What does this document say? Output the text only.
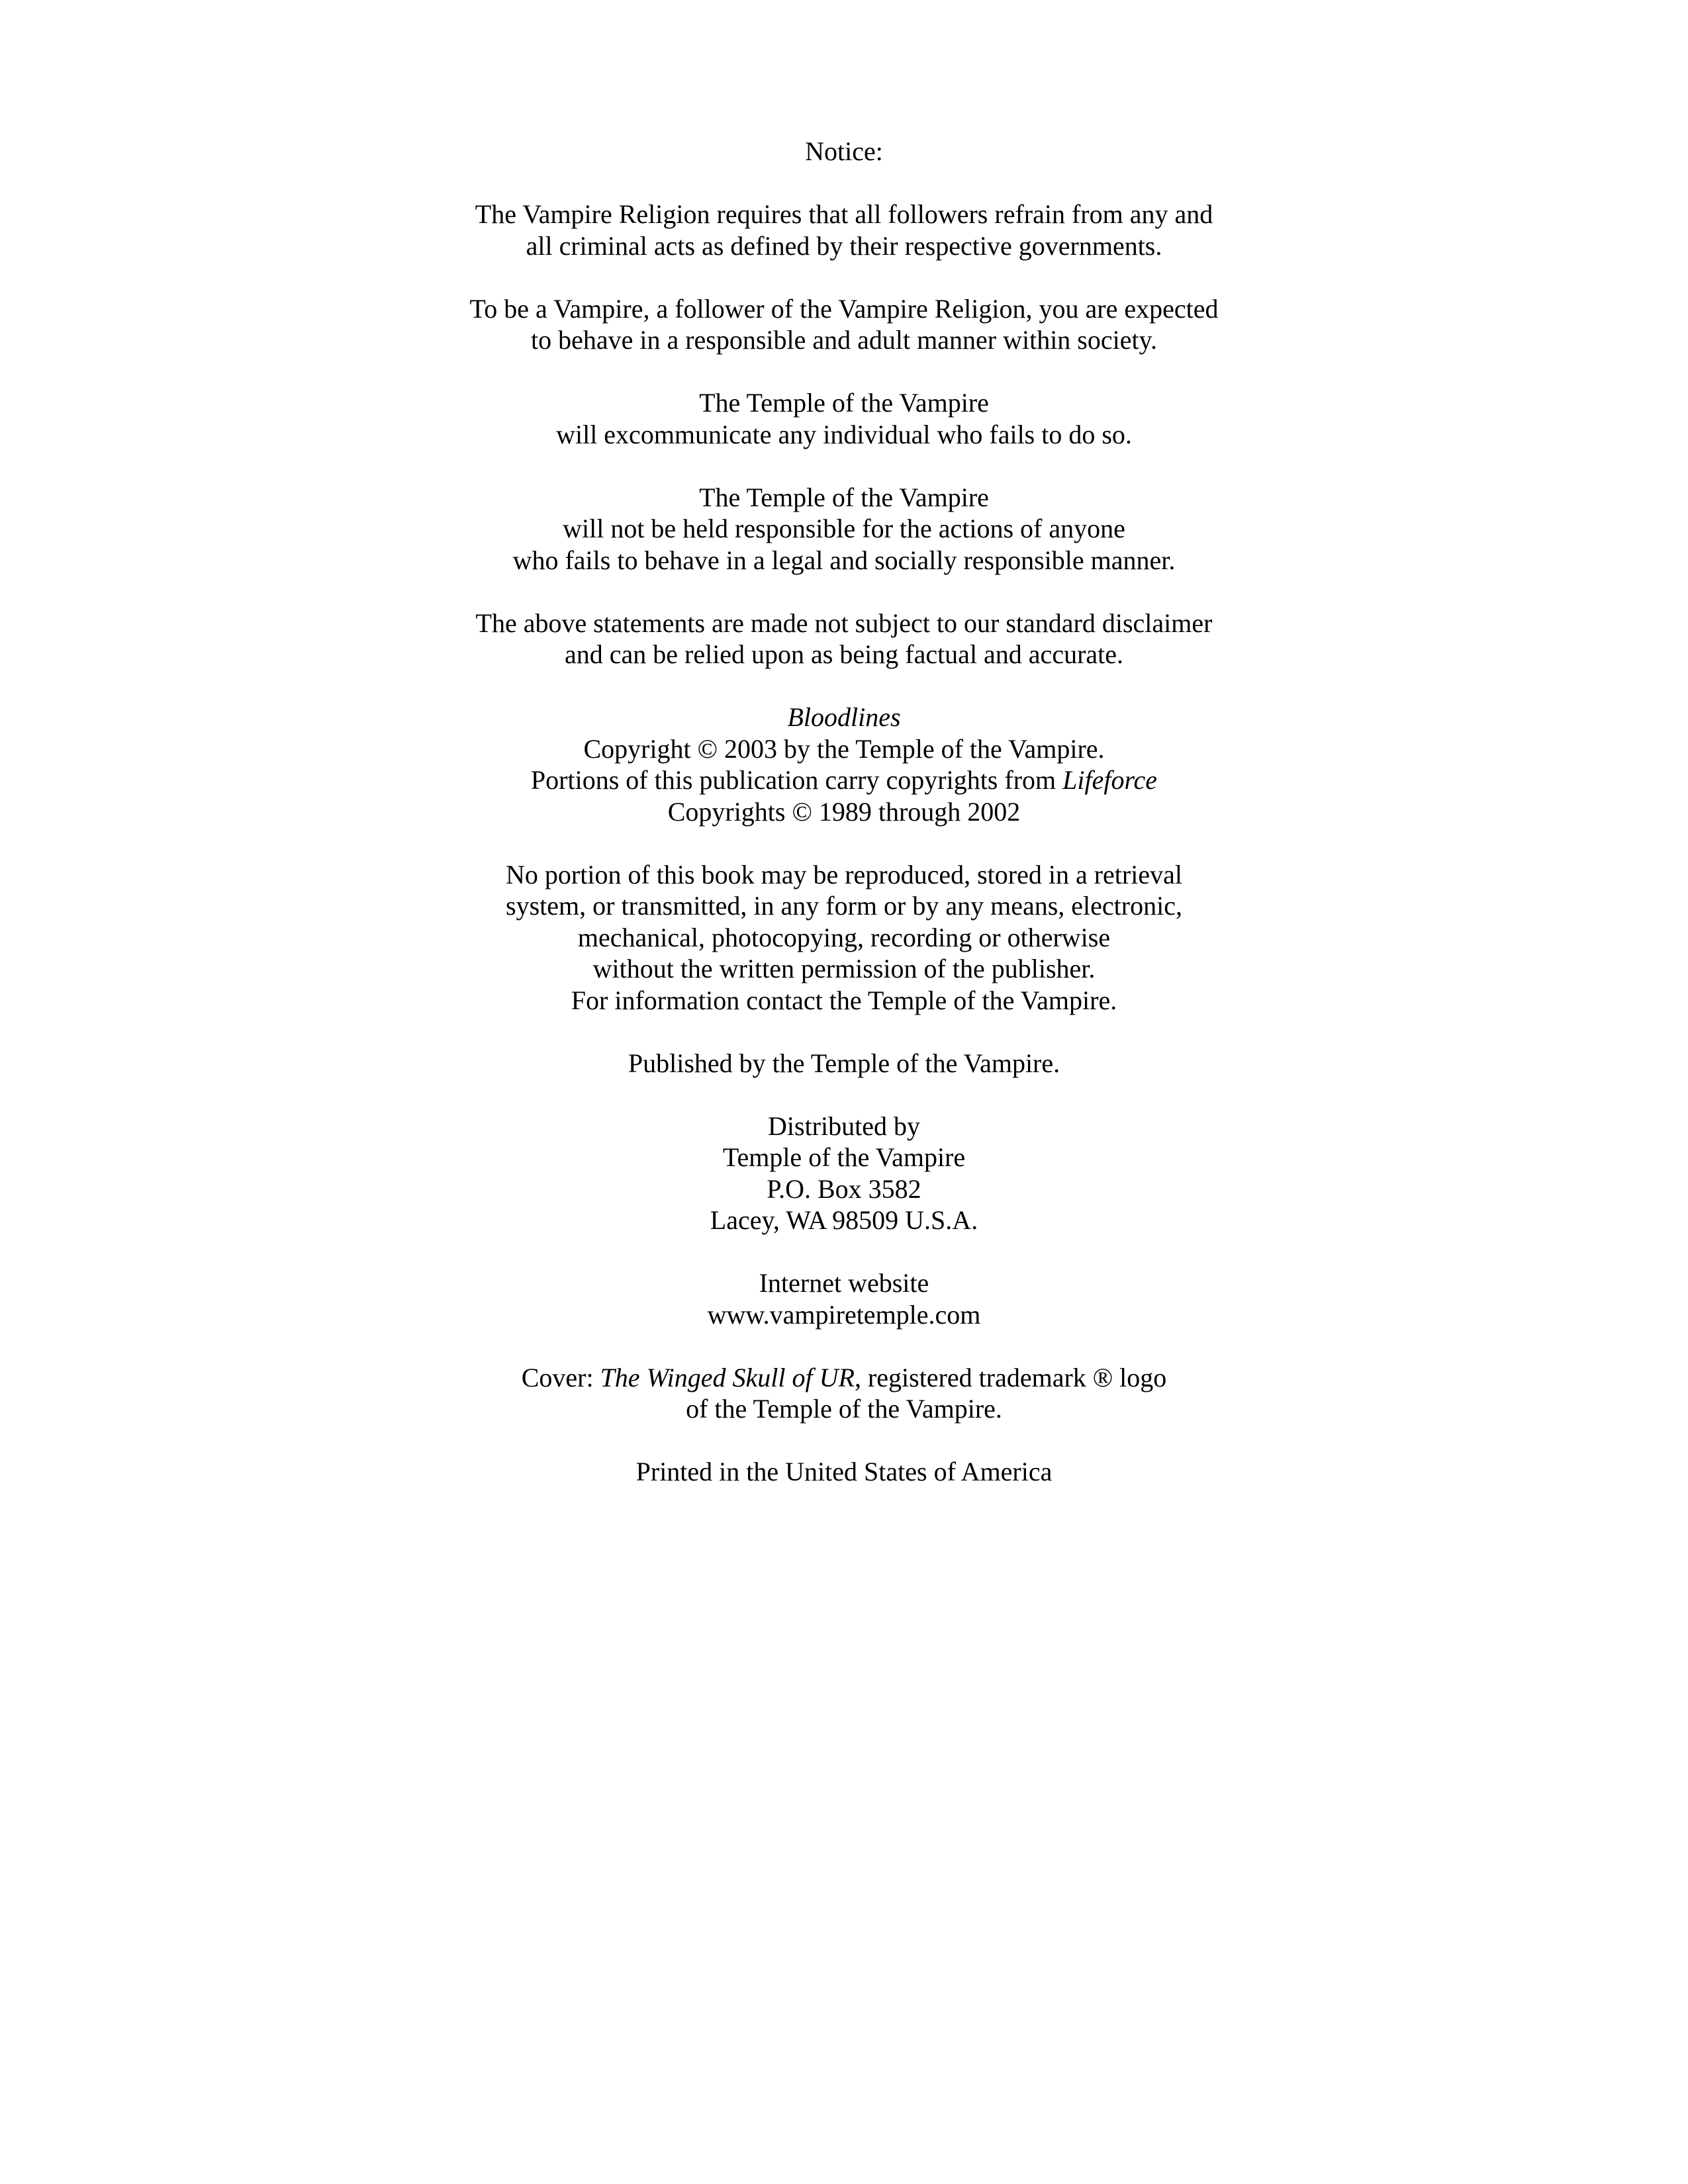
Notice:
The Vampire Religion requires that all followers refrain from any and
all criminal acts as defined by their respective governments.
To be a Vampire, a follower of the Vampire Religion, you are expected
to behave in a responsible and adult manner within society.
The Temple of the Vampire
will excommunicate any individual who fails to do so.
The Temple of the Vampire
will not be held responsible for the actions of anyone
who fails to behave in a legal and socially responsible manner.
The above statements are made not subject to our standard disclaimer
and can be relied upon as being factual and accurate.
Bloodlines
Copyright © 2003 by the Temple of the Vampire.
Portions of this publication carry copyrights from Lifeforce
Copyrights © 1989 through 2002
No portion of this book may be reproduced, stored in a retrieval
system, or transmitted, in any form or by any means, electronic,
mechanical, photocopying, recording or otherwise
without the written permission of the publisher.
For information contact the Temple of the Vampire.
Published by the Temple of the Vampire.
Distributed by
Temple of the Vampire
P.O. Box 3582
Lacey, WA 98509 U.S.A.
Internet website
www.vampiretemple.com
Cover: The Winged Skull of UR, registered trademark ® logo
of the Temple of the Vampire.
Printed in the United States of America
